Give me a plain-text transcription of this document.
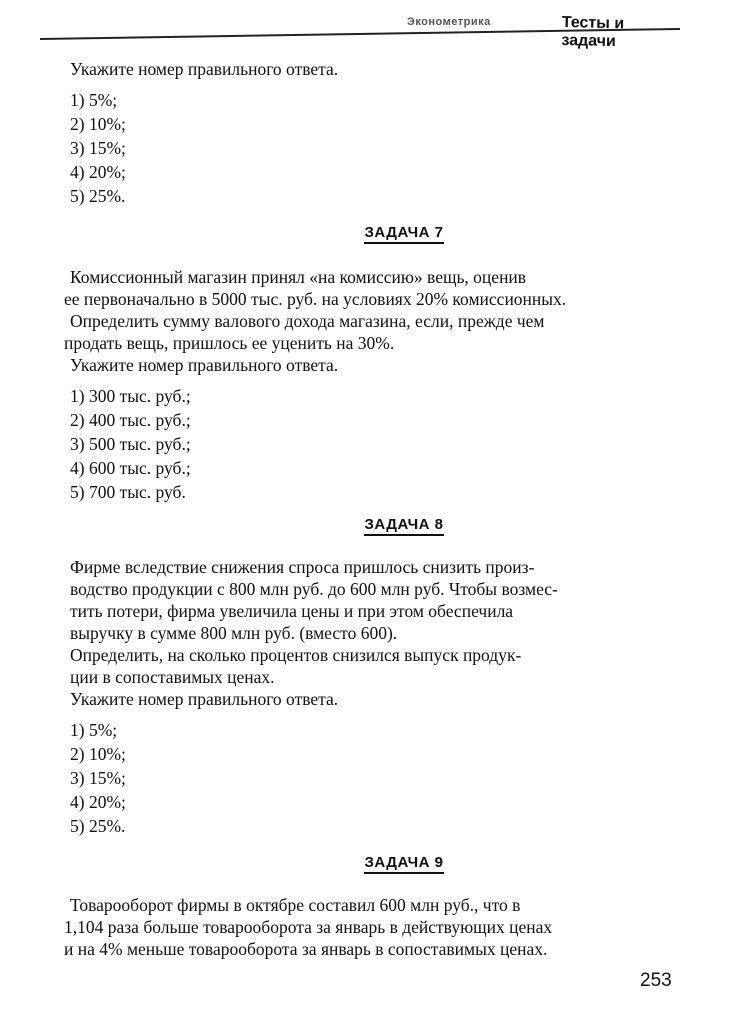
Эконометрика	Тесты и задачи

Укажите номер правильного ответа.

1) 5%;
2) 10%;
3) 15%;
4) 20%;
5) 25%.

ЗАДАЧА 7

Комиссионный магазин принял «на комиссию» вещь, оценив
ее первоначально в 5000 тыс. руб. на условиях 20% комиссионных.
Определить сумму валового дохода магазина, если, прежде чем
продать вещь, пришлось ее уценить на 30%.
Укажите номер правильного ответа.
1) 300 тыс. руб.;
2) 400 тыс. руб.;
3) 500 тыс. руб.;
4) 600 тыс. руб.;
5) 700 тыс. руб.

ЗАДАЧА 8

Фирме вследствие снижения спроса пришлось снизить произ-
водство продукции с 800 млн руб. до 600 млн руб. Чтобы возмес-
тить потери, фирма увеличила цены и при этом обеспечила
выручку в сумме 800 млн руб. (вместо 600).
Определить, на сколько процентов снизился выпуск продук-
ции в сопоставимых ценах.
Укажите номер правильного ответа.
1) 5%;
2) 10%;
3) 15%;
4) 20%;
5) 25%.

ЗАДАЧА 9

Товарооборот фирмы в октябре составил 600 млн руб., что в
1,104 раза больше товарооборота за январь в действующих ценах
и на 4% меньше товарооборота за январь в сопоставимых ценах.
253
